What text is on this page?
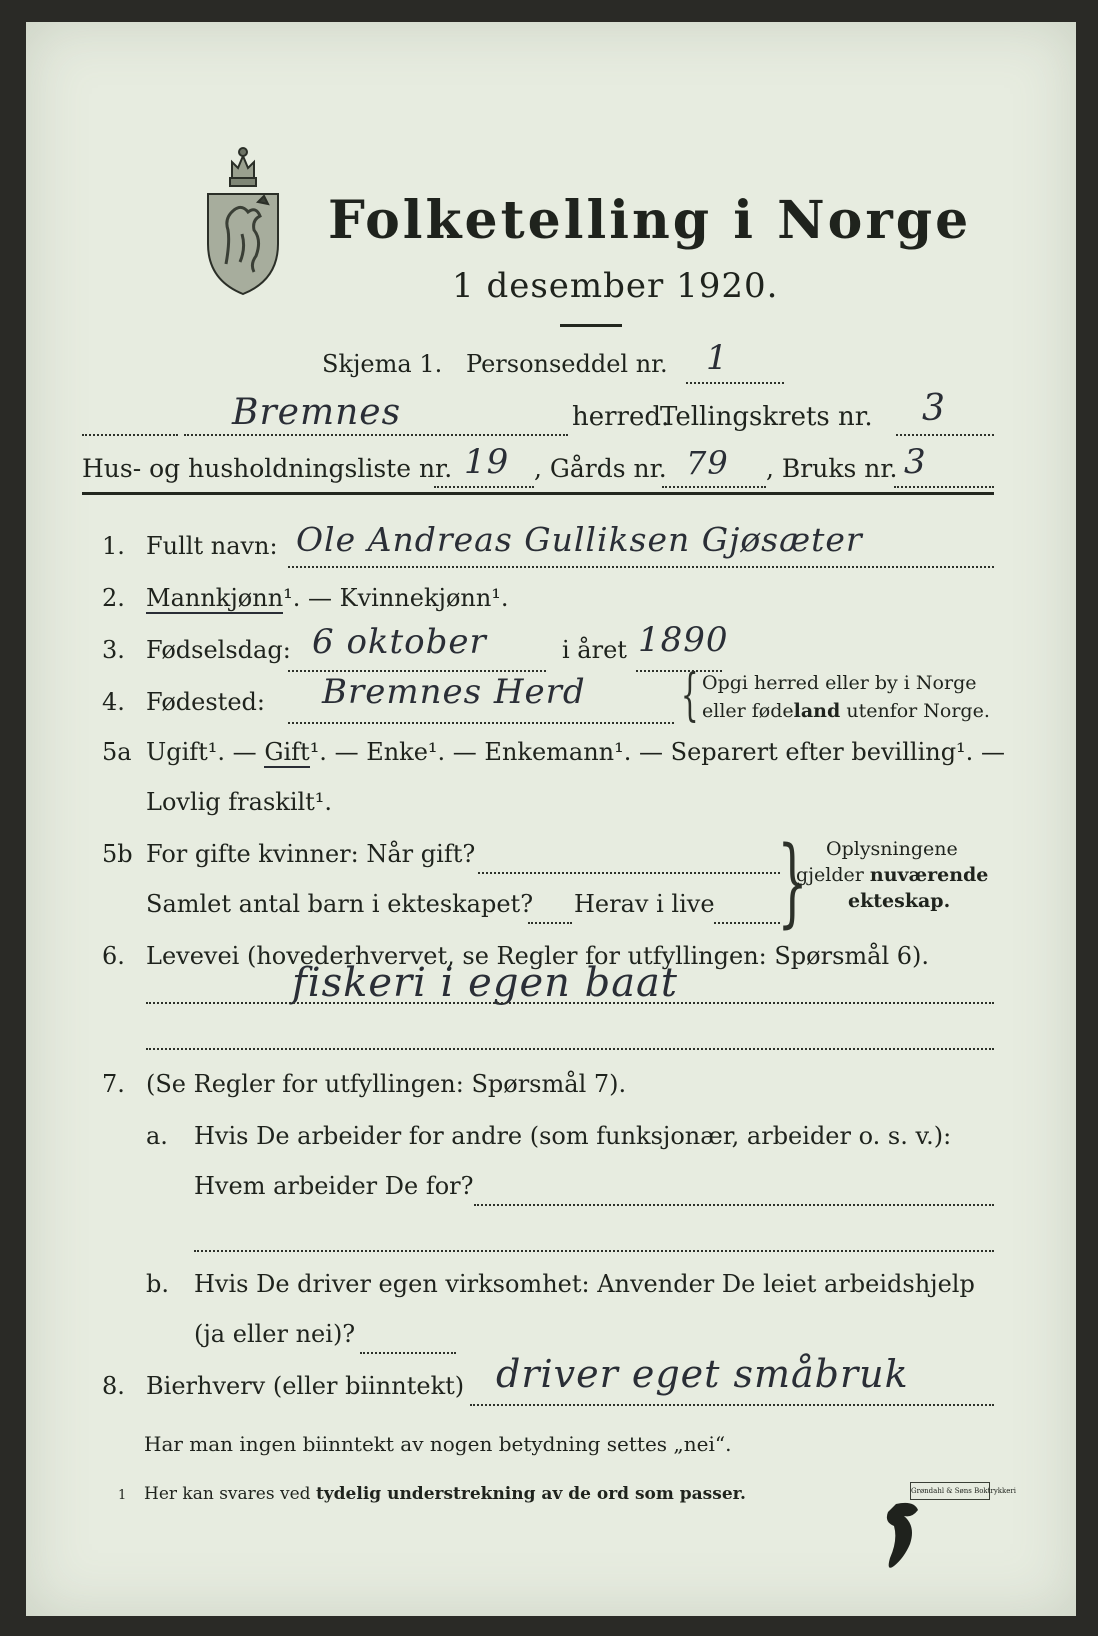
Folketelling i Norge
1 desember 1920.
Skjema 1. Personseddel nr. 1
Bremnes	herred.
Tellingskrets nr. 3
Hus- og husholdningsliste nr. 19 , Gårds nr. 79 , Bruks nr. 3
1. Fullt navn: Ole Andreas Gulliksen Gjøsæter
2. Mannkjønn¹. — Kvinnekjønn¹.
3. Fødselsdag: 6 oktober	i året 1890
4. Fødested: Bremnes Herd { Opgi herred eller by i Norge
eller fødeland utenfor Norge.
5a Ugift¹. — Gift¹. — Enke¹. — Enkemann¹. — Separert efter bevilling¹. —
Lovlig fraskilt¹.
5b For gifte kvinner: Når gift?
Samlet antal barn i ekteskapet? Herav i live } Oplysningene
gjelder nuværende
ekteskap.
6. Levevei (hovederhvervet, se Regler for utfyllingen: Spørsmål 6).
fiskeri i egen baat
7. (Se Regler for utfyllingen: Spørsmål 7).
a. Hvis De arbeider for andre (som funksjonær, arbeider o. s. v.):
Hvem arbeider De for?
b. Hvis De driver egen virksomhet: Anvender De leiet arbeidshjelp
(ja eller nei)?
8. Bierhverv (eller biinntekt) driver eget småbruk
Har man ingen biinntekt av nogen betydning settes „nei“.
1 Her kan svares ved tydelig understrekning av de ord som passer.	Grøndahl & Søns Boktrykkeri
